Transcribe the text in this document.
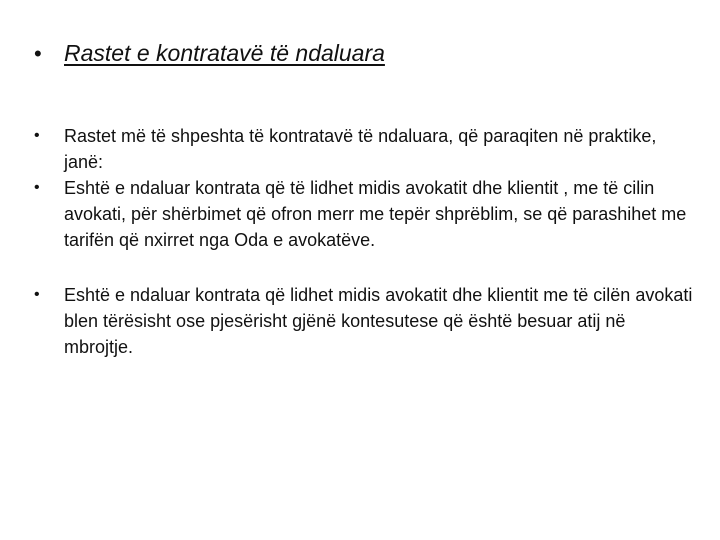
• Rastet e kontratavë të ndaluara
•	Rastet më të shpeshta të kontratavë të ndaluara, që paraqiten në praktike, janë:
•	Eshtë e ndaluar kontrata që të lidhet midis avokatit dhe klientit , me të cilin avokati, për shërbimet që ofron merr me tepër shprëblim, se që parashihet me tarifën që nxirret nga Oda e avokatëve.
•	Eshtë e ndaluar kontrata që lidhet midis avokatit dhe klientit me të cilën avokati blen tërësisht ose pjesërisht gjënë kontesutese që është besuar atij në mbrojtje.
